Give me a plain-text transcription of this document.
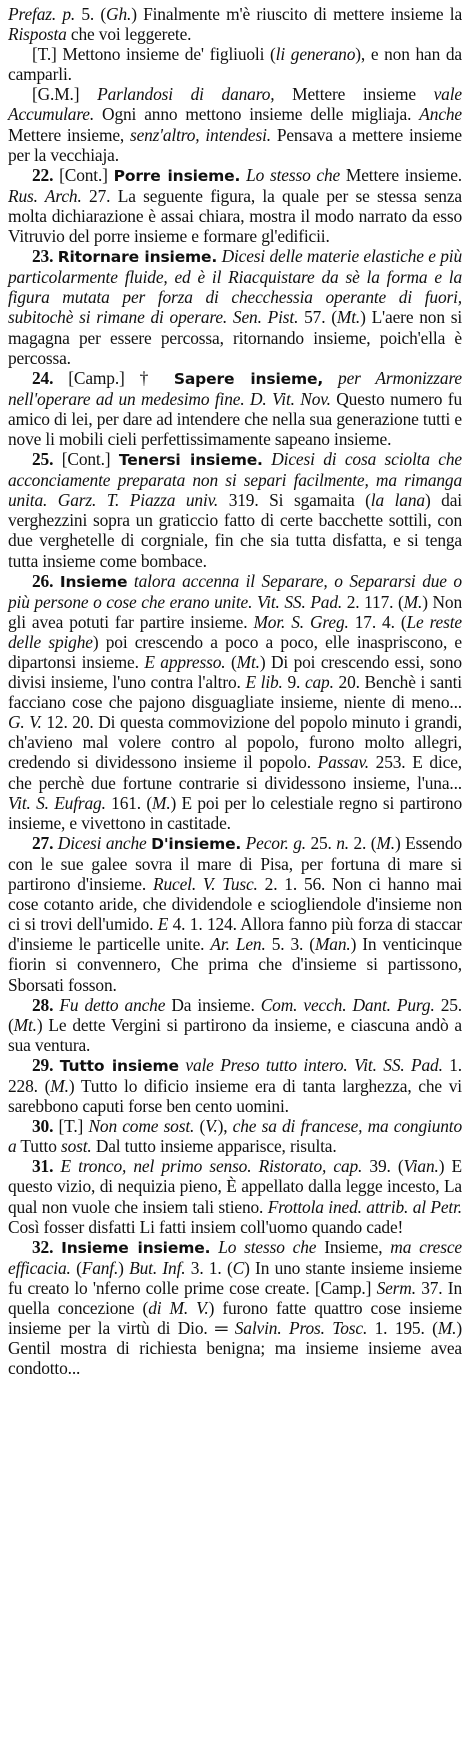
Prefaz. p. 5. (Gh.) Finalmente m'è riuscito di mettere insieme la Risposta che voi leggerete.

[T.] Mettono insieme de' figliuoli (li generano), e non han da camparli.

[G.M.] Parlandosi di danaro, Mettere insieme vale Accumulare. Ogni anno mettono insieme delle migliaja. Anche Mettere insieme, senz'altro, intendesi. Pensava a mettere insieme per la vecchiaja.

22. [Cont.] Porre insieme. Lo stesso che Mettere insieme. Rus. Arch. 27. La seguente figura, la quale per se stessa senza molta dichiarazione è assai chiara, mostra il modo narrato da esso Vitruvio del porre insieme e formare gl'edificii.

23. Ritornare insieme. Dicesi delle materie elastiche e più particolarmente fluide, ed è il Riacquistare da sè la forma e la figura mutata per forza di checchessia operante di fuori, subitochè si rimane di operare. Sen. Pist. 57. (Mt.) L'aere non si magagna per essere percossa, ritornando insieme, poich'ella è percossa.

24. [Camp.] † Sapere insieme, per Armonizzare nell'operare ad un medesimo fine. D. Vit. Nov. Questo numero fu amico di lei, per dare ad intendere che nella sua generazione tutti e nove li mobili cieli perfettissimamente sapeano insieme.

25. [Cont.] Tenersi insieme. Dicesi di cosa sciolta che acconciamente preparata non si separi facilmente, ma rimanga unita. Garz. T. Piazza univ. 319. Si sgamaita (la lana) dai verghezzini sopra un graticcio fatto di certe bacchette sottili, con due verghetelle di corgniale, fin che sia tutta disfatta, e si tenga tutta insieme come bombace.

26. Insieme talora accenna il Separare, o Separarsi due o più persone o cose che erano unite. Vit. SS. Pad. 2. 117. (M.) Non gli avea potuti far partire insieme. Mor. S. Greg. 17. 4. (Le reste delle spighe) poi crescendo a poco a poco, elle inaspriscono, e dipartonsi insieme. E appresso. (Mt.) Di poi crescendo essi, sono divisi insieme, l'uno contra l'altro. E lib. 9. cap. 20. Benchè i santi facciano cose che pajono disguagliate insieme, niente di meno... G. V. 12. 20. Di questa commovizione del popolo minuto i grandi, ch'avieno mal volere contro al popolo, furono molto allegri, credendo si dividessono insieme il popolo. Passav. 253. E dice, che perchè due fortune contrarie si dividessono insieme, l'una... Vit. S. Eufrag. 161. (M.) E poi per lo celestiale regno si partirono insieme, e vivettono in castitade.

27. Dicesi anche D'insieme. Pecor. g. 25. n. 2. (M.) Essendo con le sue galee sovra il mare di Pisa, per fortuna di mare si partirono d'insieme. Rucel. V. Tusc. 2. 1. 56. Non ci hanno mai cose cotanto aride, che dividendole e sciogliendole d'insieme non ci si trovi dell'umido. E 4. 1. 124. Allora fanno più forza di staccar d'insieme le particelle unite. Ar. Len. 5. 3. (Man.) In venticinque fiorin si convennero, Che prima che d'insieme si partissono, Sborsati fosson.

28. Fu detto anche Da insieme. Com. vecch. Dant. Purg. 25. (Mt.) Le dette Vergini si partirono da insieme, e ciascuna andò a sua ventura.

29. Tutto insieme vale Preso tutto intero. Vit. SS. Pad. 1. 228. (M.) Tutto lo dificio insieme era di tanta larghezza, che vi sarebbono caputi forse ben cento uomini.

30. [T.] Non come sost. (V.), che sa di francese, ma congiunto a Tutto sost. Dal tutto insieme apparisce, risulta.

31. E tronco, nel primo senso. Ristorato, cap. 39. (Vian.) E questo vizio, di nequizia pieno, È appellato dalla legge incesto, La qual non vuole che insiem tali stieno. Frottola ined. attrib. al Petr. Così fosser disfatti Li fatti insiem coll'uomo quando cade!

32. Insieme insieme. Lo stesso che Insieme, ma cresce efficacia. (Fanf.) But. Inf. 3. 1. (C) In uno stante insieme insieme fu creato lo 'nferno colle prime cose create. [Camp.] Serm. 37. In quella concezione (di M. V.) furono fatte quattro cose insieme insieme per la virtù di Dio. ═ Salvin. Pros. Tosc. 1. 195. (M.) Gentil mostra di richiesta benigna; ma insieme insieme avea condotto...
